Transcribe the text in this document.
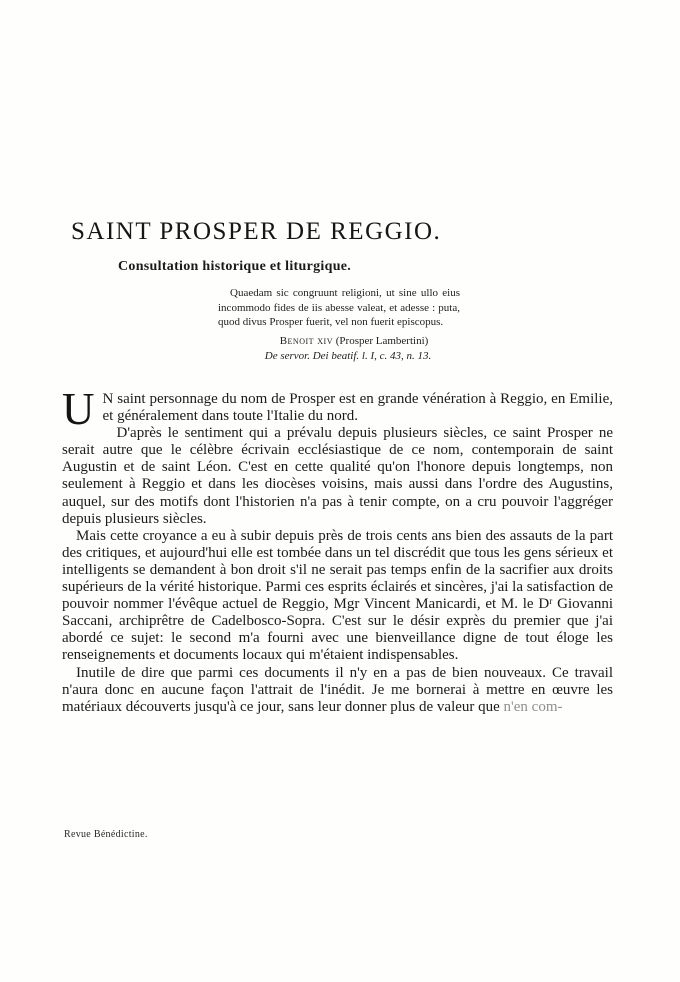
SAINT PROSPER DE REGGIO.
Consultation historique et liturgique.

Quaedam sic congruunt religioni, ut sine ullo eius incommodo fides de iis abesse valeat, et adesse : puta, quod divus Prosper fuerit, vel non fuerit episcopus.

Benoit xiv (Prosper Lambertini)
De servor. Dei beatif. l. I, c. 43, n. 13.

U N saint personnage du nom de Prosper est en grande vénération à Reggio, en Emilie, et généralement dans toute l'Italie du nord.

D'après le sentiment qui a prévalu depuis plusieurs siècles, ce saint Prosper ne serait autre que le célèbre écrivain ecclésiastique de ce nom, contemporain de saint Augustin et de saint Léon. C'est en cette qualité qu'on l'honore depuis longtemps, non seulement à Reggio et dans les diocèses voisins, mais aussi dans l'ordre des Augustins, auquel, sur des motifs dont l'historien n'a pas à tenir compte, on a cru pouvoir l'aggréger depuis plusieurs siècles.

Mais cette croyance a eu à subir depuis près de trois cents ans bien des assauts de la part des critiques, et aujourd'hui elle est tombée dans un tel discrédit que tous les gens sérieux et intelligents se demandent à bon droit s'il ne serait pas temps enfin de la sacrifier aux droits supérieurs de la vérité historique. Parmi ces esprits éclairés et sincères, j'ai la satisfaction de pouvoir nommer l'évêque actuel de Reggio, Mgr Vincent Manicardi, et M. le Dʳ Giovanni Saccani, archiprêtre de Cadelbosco-Sopra. C'est sur le désir exprès du premier que j'ai abordé ce sujet: le second m'a fourni avec une bienveillance digne de tout éloge les renseignements et documents locaux qui m'étaient indispensables.

Inutile de dire que parmi ces documents il n'y en a pas de bien nouveaux. Ce travail n'aura donc en aucune façon l'attrait de l'inédit. Je me bornerai à mettre en œuvre les matériaux découverts jusqu'à ce jour, sans leur donner plus de valeur que n'en com-

Revue Bénédictine.
